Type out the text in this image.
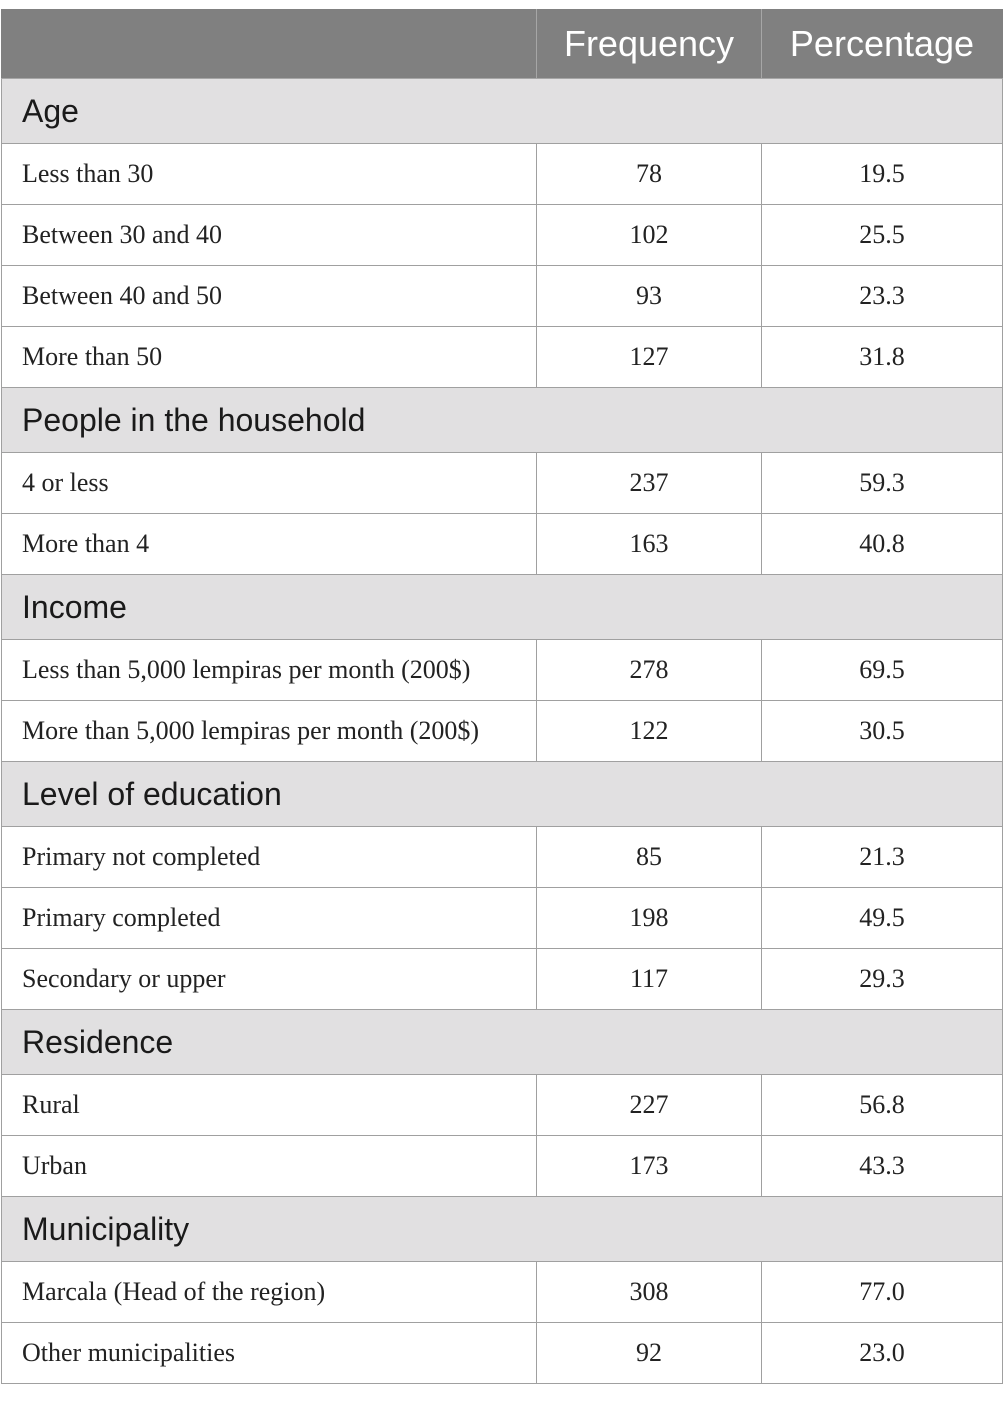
	Frequency	Percentage
Age		
Less than 30	78	19.5
Between 30 and 40	102	25.5
Between 40 and 50	93	23.3
More than 50	127	31.8
People in the household		
4 or less	237	59.3
More than 4	163	40.8
Income		
Less than 5,000 lempiras per month (200$)	278	69.5
More than 5,000 lempiras per month (200$)	122	30.5
Level of education		
Primary not completed	85	21.3
Primary completed	198	49.5
Secondary or upper	117	29.3
Residence		
Rural	227	56.8
Urban	173	43.3
Municipality		
Marcala (Head of the region)	308	77.0
Other municipalities	92	23.0
